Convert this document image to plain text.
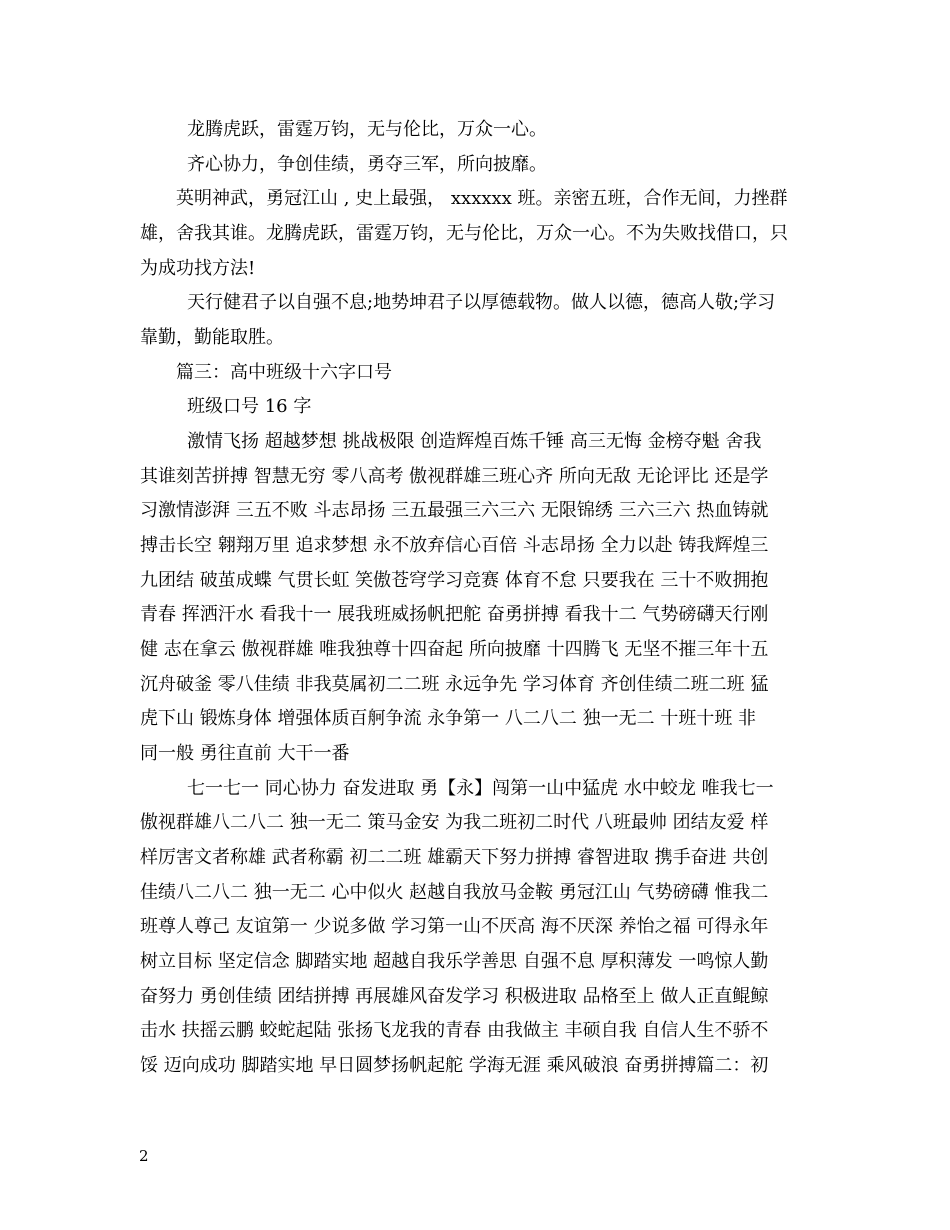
龙腾虎跃，雷霆万钧，无与伦比，万众一心。
齐心协力，争创佳绩，勇夺三军，所向披靡。
英明神武，勇冠江山 , 史上最强， xxxxxx 班。亲密五班，合作无间，力挫群
雄，舍我其谁。龙腾虎跃，雷霆万钧，无与伦比，万众一心。不为失败找借口，只
为成功找方法!
天行健君子以自强不息;地势坤君子以厚德载物。做人以德，德高人敬;学习
靠勤，勤能取胜。
篇三：高中班级十六字口号
班级口号 16 字
激情飞扬 超越梦想 挑战极限 创造辉煌百炼千锤 高三无悔 金榜夺魁 舍我
其谁刻苦拼搏 智慧无穷 零八高考 傲视群雄三班心齐 所向无敌 无论评比 还是学
习激情澎湃 三五不败 斗志昂扬 三五最强三六三六 无限锦绣 三六三六 热血铸就
搏击长空 翱翔万里 追求梦想 永不放弃信心百倍 斗志昂扬 全力以赴 铸我辉煌三
九团结 破茧成蝶 气贯长虹 笑傲苍穹学习竞赛 体育不怠 只要我在 三十不败拥抱
青春 挥洒汗水 看我十一 展我班威扬帆把舵 奋勇拼搏 看我十二 气势磅礴天行刚
健 志在拿云 傲视群雄 唯我独尊十四奋起 所向披靡 十四腾飞 无坚不摧三年十五
沉舟破釜 零八佳绩 非我莫属初二二班 永远争先 学习体育 齐创佳绩二班二班 猛
虎下山 锻炼身体 增强体质百舸争流 永争第一 八二八二 独一无二 十班十班 非
同一般 勇往直前 大干一番
七一七一 同心协力 奋发进取 勇【永】闯第一山中猛虎 水中蛟龙 唯我七一
傲视群雄八二八二 独一无二 策马金安 为我二班初二时代 八班最帅 团结友爱 样
样厉害文者称雄 武者称霸 初二二班 雄霸天下努力拼搏 睿智进取 携手奋进 共创
佳绩八二八二 独一无二 心中似火 赵越自我放马金鞍 勇冠江山 气势磅礴 惟我二
班尊人尊己 友谊第一 少说多做 学习第一山不厌高 海不厌深 养怡之福 可得永年
树立目标 坚定信念 脚踏实地 超越自我乐学善思 自强不息 厚积薄发 一鸣惊人勤
奋努力 勇创佳绩 团结拼搏 再展雄风奋发学习 积极进取 品格至上 做人正直鲲鲸
击水 扶摇云鹏 蛟蛇起陆 张扬飞龙我的青春 由我做主 丰硕自我 自信人生不骄不
馁 迈向成功 脚踏实地 早日圆梦扬帆起舵 学海无涯 乘风破浪 奋勇拼搏篇二：初
2
